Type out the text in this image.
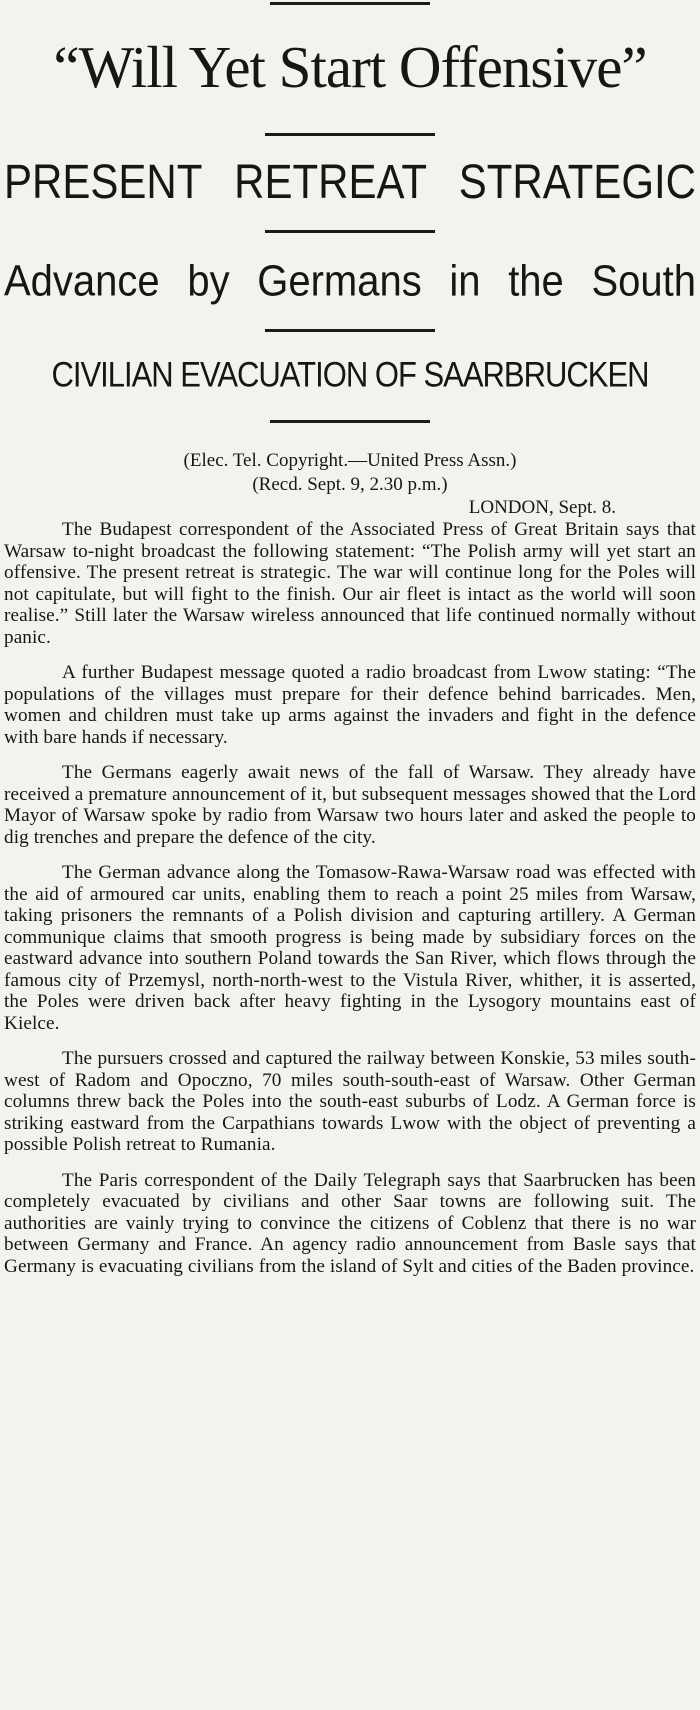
“Will Yet Start Offensive”
PRESENT RETREAT STRATEGIC
Advance by Germans in the South
CIVILIAN EVACUATION OF SAARBRUCKEN
(Elec. Tel. Copyright.—United Press Assn.)
(Recd. Sept. 9, 2.30 p.m.)
LONDON, Sept. 8.

The Budapest correspondent of the Associated Press of Great Britain says that Warsaw to-night broadcast the following statement: “The Polish army will yet start an offensive. The present retreat is strategic. The war will continue long for the Poles will not capitulate, but will fight to the finish. Our air fleet is intact as the world will soon realise.” Still later the Warsaw wireless announced that life continued normally without panic.

A further Budapest message quoted a radio broadcast from Lwow stating: “The populations of the villages must prepare for their defence behind barricades. Men, women and children must take up arms against the invaders and fight in the defence with bare hands if necessary.

The Germans eagerly await news of the fall of Warsaw. They already have received a premature announcement of it, but subsequent messages showed that the Lord Mayor of Warsaw spoke by radio from Warsaw two hours later and asked the people to dig trenches and prepare the defence of the city.

The German advance along the Tomasow-Rawa-Warsaw road was effected with the aid of armoured car units, enabling them to reach a point 25 miles from Warsaw, taking prisoners the remnants of a Polish division and capturing artillery. A German communique claims that smooth progress is being made by subsidiary forces on the eastward advance into southern Poland towards the San River, which flows through the famous city of Przemysl, north-north-west to the Vistula River, whither, it is asserted, the Poles were driven back after heavy fighting in the Lysogory mountains east of Kielce.

The pursuers crossed and captured the railway between Konskie, 53 miles south-west of Radom and Opoczno, 70 miles south-south-east of Warsaw. Other German columns threw back the Poles into the south-east suburbs of Lodz. A German force is striking eastward from the Carpathians towards Lwow with the object of preventing a possible Polish retreat to Rumania.

The Paris correspondent of the Daily Telegraph says that Saarbrucken has been completely evacuated by civilians and other Saar towns are following suit. The authorities are vainly trying to convince the citizens of Coblenz that there is no war between Germany and France. An agency radio announcement from Basle says that Germany is evacuating civilians from the island of Sylt and cities of the Baden province.
